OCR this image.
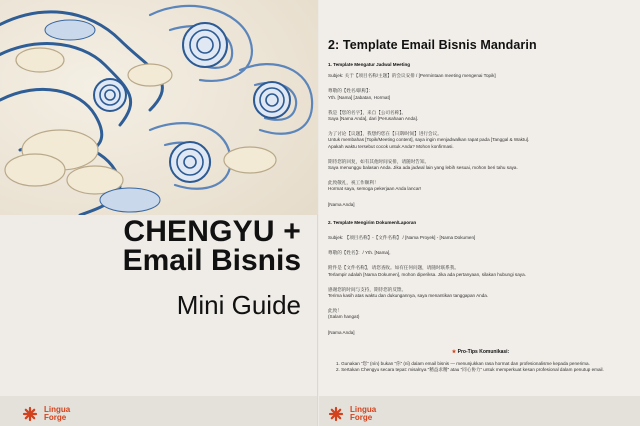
CHENGYU +
Email Bisnis
Mini Guide
Lingua
Forge
2: Template Email Bisnis Mandarin

1. Template Mengatur Jadwal Meeting

Subjek: 关于【项目名称/主题】的会议安排 / [Permintaan meeting mengenai Topik]

尊敬的【姓名/职称】：

Yth. [Nama] [Jabatan, Hormat]

我是【您的名字】，来自【公司名称】。

Saya [Nama Anda], dari [Perusahaan Anda].

为了讨论【议题】，我想约您在【日期/时间】进行会议。

Untuk membahas [Topik/Meeting content], saya ingin menjadwalkan rapat pada [Tanggal & Waktu].

Apakah waktu tersebut cocok untuk Anda? Mohon konfirmasi.

期待您的回复，如有其他时间安排，请随时告知。

Saya menunggu balasan Anda. Jika ada jadwal lain yang lebih sesuai, mohon beri tahu saya.

此致敬礼，祝工作顺利！

Hormat saya, semoga pekerjaan Anda lancar!

[Nama Anda]

2. Template Mengirim Dokumen/Laporan

Subjek: 【项目名称】-【文件名称】 / [Nama Proyek] - [Nama Dokumen]

尊敬的【姓名】：/ Yth. [Nama],

附件是【文件名称】，请您查收。如有任何问题，请随时联系我。

Terlampir adalah [Nama Dokumen], mohon diperiksa. Jika ada pertanyaan, silakan hubungi saya.

感谢您的时间与支持，期待您的反馈。

Terima kasih atas waktu dan dukungannya, saya menantikan tanggapan Anda.

此致！

(Salam hangat)

[Nama Anda]

★ Pro-Tips Komunikasi:

1. Gunakan “您” (nín) bukan “你” (nǐ) dalam email bisnis — menunjukkan rasa hormat dan profesionalisme kepada penerima.

2. Sertakan Chengyu secara tepat: misalnya “精益求精” atau “同心协力” untuk memperkuat kesan profesional dalam penutup email.

Lingua
Forge
